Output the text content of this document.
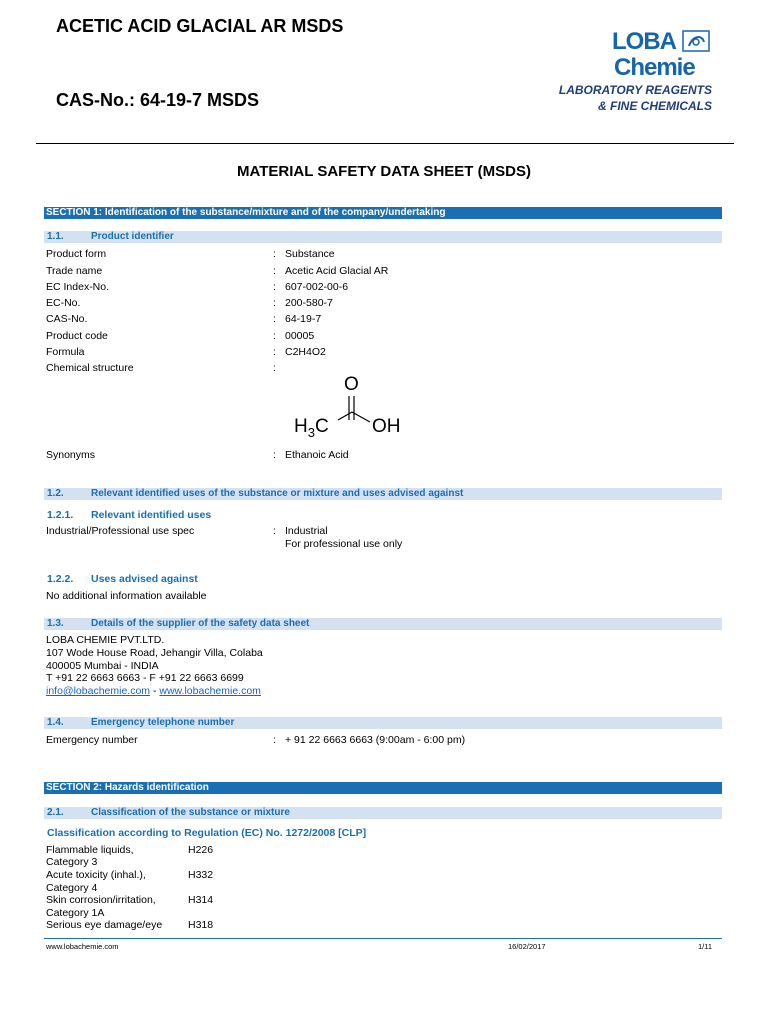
ACETIC ACID GLACIAL AR MSDS
CAS-No.: 64-19-7 MSDS
LOBA
Chemie
LABORATORY REAGENTS
& FINE CHEMICALS
MATERIAL SAFETY DATA SHEET (MSDS)
SECTION 1: Identification of the substance/mixture and of the company/undertaking
1.1.	Product identifier
Product form	: Substance
Trade name	: Acetic Acid Glacial AR
EC Index-No.	: 607-002-00-6
EC-No.	: 200-580-7
CAS-No.	: 64-19-7
Product code	: 00005
Formula	: C2H4O2
Chemical structure	:
O
$H_3C$ OH
Synonyms	: Ethanoic Acid
1.2.	Relevant identified uses of the substance or mixture and uses advised against
1.2.1. Relevant identified uses
Industrial/Professional use spec	: Industrial
For professional use only
1.2.2. Uses advised against
No additional information available
1.3.	Details of the supplier of the safety data sheet
LOBA CHEMIE PVT.LTD.
107 Wode House Road, Jehangir Villa, Colaba
400005 Mumbai - INDIA
T +91 22 6663 6663 - F +91 22 6663 6699
info@lobachemie.com - www.lobachemie.com
1.4.	Emergency telephone number
Emergency number	: + 91 22 6663 6663 (9:00am - 6:00 pm)
SECTION 2: Hazards identification
2.1.	Classification of the substance or mixture
Classification according to Regulation (EC) No. 1272/2008 [CLP]
Flammable liquids,	H226
Category 3
Acute toxicity (inhal.),	H332
Category 4
Skin corrosion/irritation,	H314
Category 1A
Serious eye damage/eye H318
www.lobachemie.com	16/02/2017	1/11
